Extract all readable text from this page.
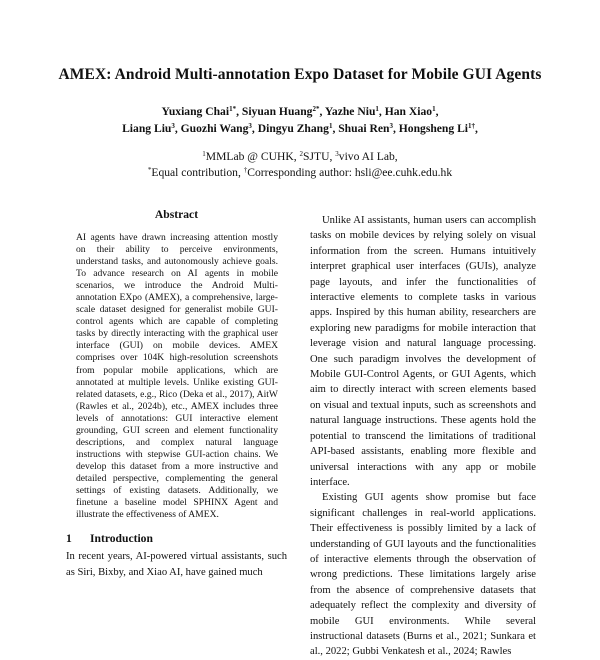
AMEX: Android Multi-annotation Expo Dataset for Mobile GUI Agents
Yuxiang Chai$^{1*}$, Siyuan Huang$^{2*}$, Yazhe Niu$^1$, Han Xiao$^1$,
Liang Liu$^3$, Guozhi Wang$^3$, Dingyu Zhang$^1$, Shuai Ren$^3$, Hongsheng $Li^{1\dagger}$,
$^1$MMLab @ CUHK, $^2$SJTU, $^3$vivo AI Lab,
*Equal contribution, †Corresponding author: hsli@ee.cuhk.edu.hk
Abstract

AI agents have drawn increasing attention mostly on their ability to perceive environments, understand tasks, and autonomously achieve goals. To advance research on AI agents in mobile scenarios, we introduce the Android Multi-annotation EXpo (AMEX), a comprehensive, large-scale dataset designed for generalist mobile GUI-control agents which are capable of completing tasks by directly interacting with the graphical user interface (GUI) on mobile devices. AMEX comprises over 104K high-resolution screenshots from popular mobile applications, which are annotated at multiple levels. Unlike existing GUI-related datasets, e.g., Rico (Deka et al., 2017), AitW (Rawles et al., 2024b), etc., AMEX includes three levels of annotations: GUI interactive element grounding, GUI screen and element functionality descriptions, and complex natural language instructions with stepwise GUI-action chains. We develop this dataset from a more instructive and detailed perspective, complementing the general settings of existing datasets. Additionally, we finetune a baseline model SPHINX Agent and illustrate the effectiveness of AMEX.

1 Introduction

In recent years, AI-powered virtual assistants, such as Siri, Bixby, and Xiao AI, have gained much

Unlike AI assistants, human users can accomplish tasks on mobile devices by relying solely on visual information from the screen. Humans intuitively interpret graphical user interfaces (GUIs), analyze page layouts, and infer the functionalities of interactive elements to complete tasks in various apps. Inspired by this human ability, researchers are exploring new paradigms for mobile interaction that leverage vision and natural language processing. One such paradigm involves the development of Mobile GUI-Control Agents, or GUI Agents, which aim to directly interact with screen elements based on visual and textual inputs, such as screenshots and natural language instructions. These agents hold the potential to transcend the limitations of traditional API-based assistants, enabling more flexible and universal interactions with any app or mobile interface.

Existing GUI agents show promise but face significant challenges in real-world applications. Their effectiveness is possibly limited by a lack of understanding of GUI layouts and the functionalities of interactive elements through the observation of wrong predictions. These limitations largely arise from the absence of comprehensive datasets that adequately reflect the complexity and diversity of mobile GUI environments. While several instructional datasets (Burns et al., 2021; Sunkara et al., 2022; Gubbi Venkatesh et al., 2024; Rawles
